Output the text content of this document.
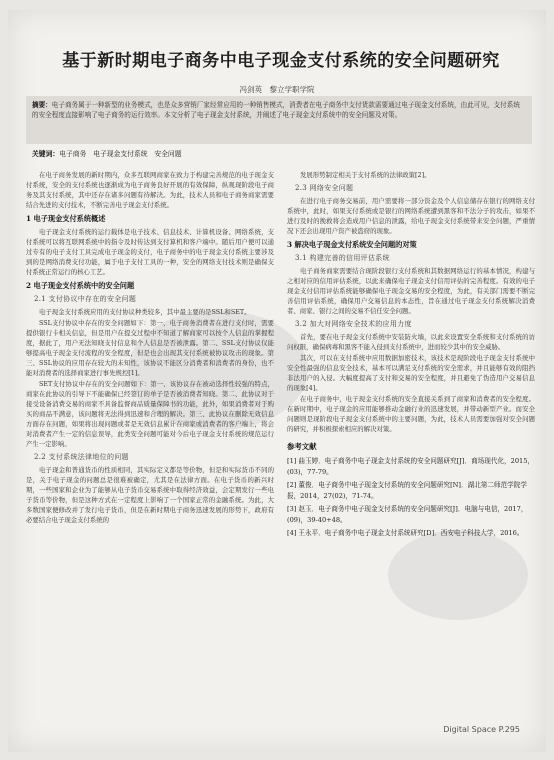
基于新时期电子商务中电子现金支付系统的安全问题研究
冯剑英　黎立学职学院
摘要：电子商务属于一种新型的业务模式，也是众多营销厂家经常应用的一种销售模式，消费者在电子商务中支付货款需要通过电子现金支付系统，由此可见，支付系统的安全程度直接影响了电子商务的运行效率。本文分析了电子现金支付系统，并阐述了电子现金支付系统中的安全问题及对策。
关键词：电子商务　电子现金支付系统　安全问题
在电子商务发展的新时期内，众多互联网商家在致力于构建完善规范的电子现金支付系统，安全的支付系统也逐渐成为电子商务良好开展的有效保障，纵观现阶段电子商务及其支付系统，其中还存在诸多问题有待解决。为此，技术人员和电子商务商家需要结合先进的支付技术，不断完善电子现金支付系统。
1 电子现金支付系统概述
电子现金支付系统的运行载体是电子技术、信息技术、计算机设备、网络系统，支付系统可以将互联网系统中的指令及时传达到支付算机和客户端中。随后用户便可以通过专有的电子支付工具完成电子现金的支付，电子商务中的电子现金支付系统主要涉及到的是网络消费支付功能，属于电子支付工具的一种，安全的网络支付技术则是确保支付系统正常运行的核心工艺。
2 电子现金支付系统中的安全问题
2.1 支付协议中存在的安全问题
电子现金支付系统应用的支付协议种类较多，其中最主要的是SSL和SET。
SSL支付协议中存在的安全问题如下：第一、电子商务消费者在进行支付时，需要提供银行卡相关信息，但是用户在提交过程中不知道了解商家可以按个人信息的掌握程度，据此了，用户无法知晓支付信息和个人信息是否被泄露。第二、SSL支付协议仅能够提高电子现金支付流程的安全程度，但是也会出现其支付系统被协议攻击的现象。第三、SSL协议的应用存在较大的未知性，该协议不能区分消费者和消费者的身份，也不能对消费者的选择商家进行事先规控[1]。
SET支付协议中存在的安全问题如下：第一、该协议存在被动选择性较强的特点，商家在此协议的引导下不能确保已经签订的单子是否被消费者知晓。第二、此协议对于接受设备消费交易的商家不具备监督商品质量保障书的功能，此外，如果消费者对于购买的商品不满意，该问题将无法得到迅速和合理的解决。第三、此协议在删除无效信息方面存在问题，如果将出现问题或者是无效信息累计在商家或消费者的客户端上，将会对消费者产生一定的信息误导，此类安全问题可能对今后电子现金支付系统的规范运行产生一定影响。
2.2 支付系统法律地位的问题
电子现金和普通货币的性质相同，其实际定义都是等价物，但是和实际货币不同的是，关于电子现金的问题总是很难被确定，尤其是在法律方面。在电子货币的新兴时期，一些国家和企业为了能够从电子货币交易系统中取得经济效益，会定期发行一些电子货币等价物，但是这种方式在一定程度上影响了一个国家正常的金融系统。为此，大多数国家便修改并了发行电子货币，但是在新时期电子商务迅速发展的形势下，政府有必要结合电子现金支付系统的
发展形势制定相关于支付系统的法律政策[2]。
2.3 网络安全问题
在进行电子商务交易前，用户需要将一部分资金及个人信息储存在银行的网络支付系统中，此时，如果支付系统或是银行的网络系统遭到黑客和不法分子的攻击，如果不进行及时的挽救将会造成用户信息的泄露，给电子现金支付系统带来安全问题，严重情况下还会出现用户资产被盗窃的现象。
3 解决电子现金支付系统安全问题的对策
3.1 构建完善的信用评估系统
电子商务商家需要结合现阶段银行支付系统和其数据网络运行的基本情况，构建与之相对应的信用评估系统，以此来确保电子现金支付信用评估的完善程度。有效的电子现金支付信用评估系统能够确保电子现金交易的安全程度，为此，有关部门需要不断完善信用评估系统，确保用户交易信息的本态性，旨在通过电子现金支付系统解决消费者、商家、银行之间的交易不信任安全问题。
3.2 加大对网络安全技术的应用力度
首先，要在电子现金支付系统中安装防火墙，以此来设置安全系统和支付系统的访问权限，确保病毒和黑客不能入侵到支付系统中，进而较少其中的安全威胁。
其次，可以在支付系统中应用数据加密技术，该技术是现阶段电子现金支付系统中安全性最强的信息安全技术，基本可以满足支付系统的安全需求，并且能够有效的阻挡非法用户的入侵。大幅度提高了支付和交易的安全程度，并且避免了伪造用户交易信息的现象[4]。
在电子商务中，电子现金支付系统的安全直接关系到了商家和消费者的安全程度。在新时期中，电子现金的应用能够推动金融行业的迅速发展，并带动新型产业。而安全问题则是现阶段电子现金支付系统中的主要问题，为此，技术人员需要加强对安全问题的研究，并积极探索相应的解决对策。
参考文献
[1] 曲玉婷．电子商务中电子现金支付系统的安全问题研究[J]．商场现代化，2015，(03)，77-79。
[2] 董俊．电子商务中电子现金支付系统的安全问题研究[N]．湖北第二师范学院学报，2014，27(02)，71-74。
[3] 赵玉．电子商务中电子现金支付系统的安全问题研究[J]．电脑与电信，2017，(09)，39-40+48。
[4] 王永平．电子商务中电子现金支付系统研究[D]．西安电子科技大学，2016。
Digital Space P.295
